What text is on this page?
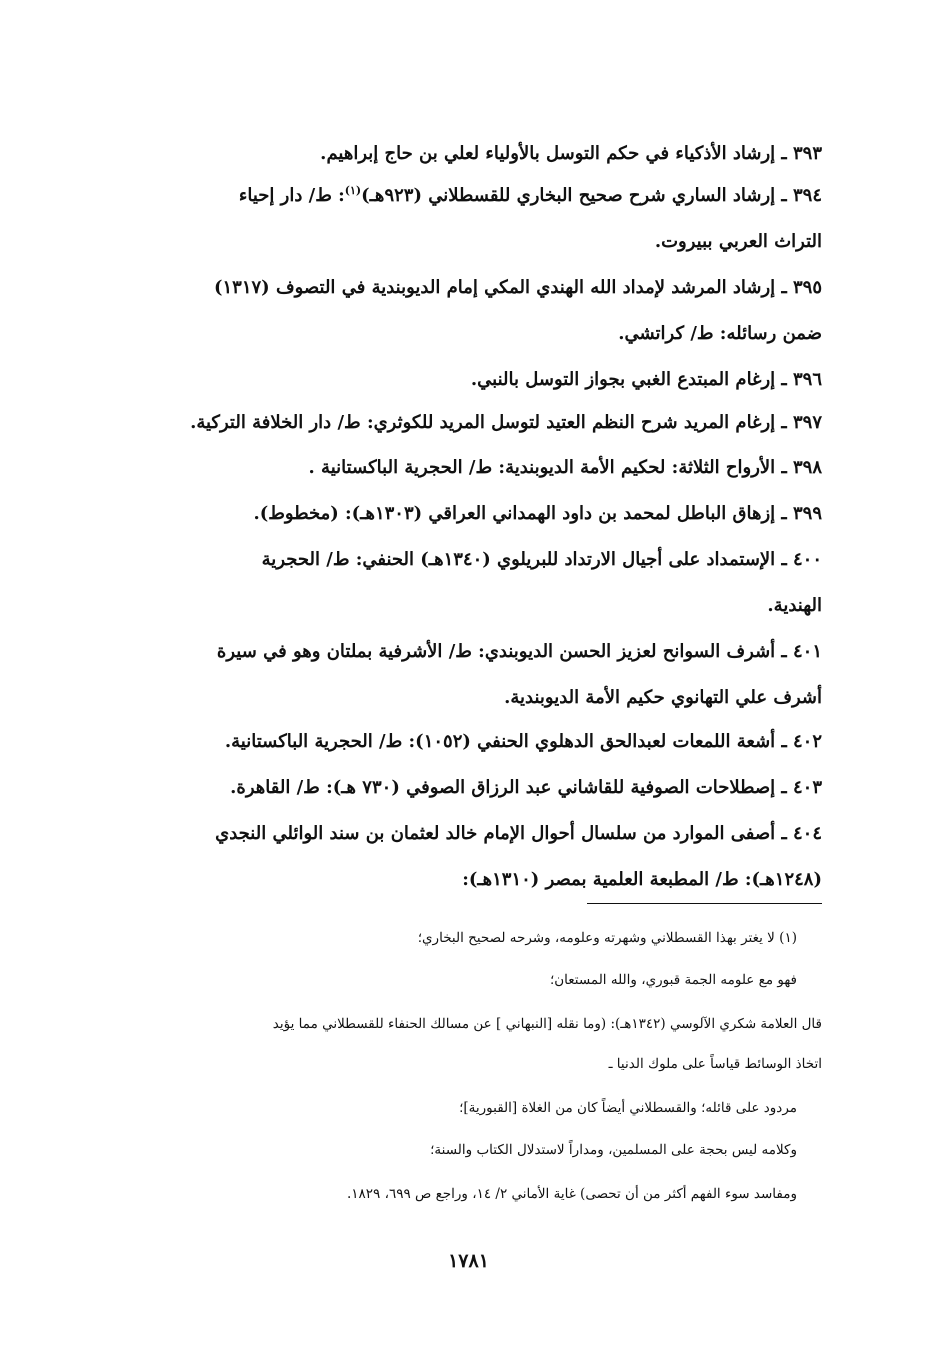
٣٩٣ ـ إرشاد الأذكياء في حكم التوسل بالأولياء لعلي بن حاج إبراهيم.
٣٩٤ ـ إرشاد الساري شرح صحيح البخاري للقسطلاني (٩٢٣هـ)$^{(١)}$: ط/ دار إحياء
التراث العربي ببيروت.
٣٩٥ ـ إرشاد المرشد لإمداد الله الهندي المكي إمام الديوبندية في التصوف (١٣١٧)
ضمن رسائله: ط/ كراتشي.
٣٩٦ ـ إرغام المبتدع الغبي بجواز التوسل بالنبي.
٣٩٧ ـ إرغام المريد شرح النظم العتيد لتوسل المريد للكوثري: ط/ دار الخلافة التركية.
٣٩٨ ـ الأرواح الثلاثة: لحكيم الأمة الديوبندية: ط/ الحجرية الباكستانية .
٣٩٩ ـ إزهاق الباطل لمحمد بن داود الهمداني العراقي (١٣٠٣هـ): (مخطوط).
٤٠٠ ـ الإستمداد على أجيال الارتداد للبريلوي (١٣٤٠هـ) الحنفي: ط/ الحجرية
الهندية.
٤٠١ ـ أشرف السوانح لعزيز الحسن الديوبندي: ط/ الأشرفية بملتان وهو في سيرة
أشرف علي التهانوي حكيم الأمة الديوبندية.
٤٠٢ ـ أشعة اللمعات لعبدالحق الدهلوي الحنفي (١٠٥٢): ط/ الحجرية الباكستانية.
٤٠٣ ـ إصطلاحات الصوفية للقاشاني عبد الرزاق الصوفي (٧٣٠ هـ): ط/ القاهرة.
٤٠٤ ـ أصفى الموارد من سلسال أحوال الإمام خالد لعثمان بن سند الوائلي النجدي
(١٢٤٨هـ): ط/ المطبعة العلمية بمصر (١٣١٠هـ):
(١) لا يغتر بهذا القسطلاني وشهرته وعلومه، وشرحه لصحيح البخاري؛
فهو مع علومه الجمة قبوري، والله المستعان؛
قال العلامة شكري الآلوسي (١٣٤٢هـ): (وما نقله [النبهاني ] عن مسالك الحنفاء للقسطلاني مما يؤيد
اتخاذ الوسائط قياساً على ملوك الدنيا ـ
مردود على قائله؛ والقسطلاني أيضاً كان من الغلاة [القبورية]؛
وكلامه ليس بحجة على المسلمين، ومداراً لاستدلال الكتاب والسنة؛
ومفاسد سوء الفهم أكثر من أن تحصى) غاية الأماني ٢/ ١٤، وراجع ص ٦٩٩، ١٨٢٩.
١٧٨١
